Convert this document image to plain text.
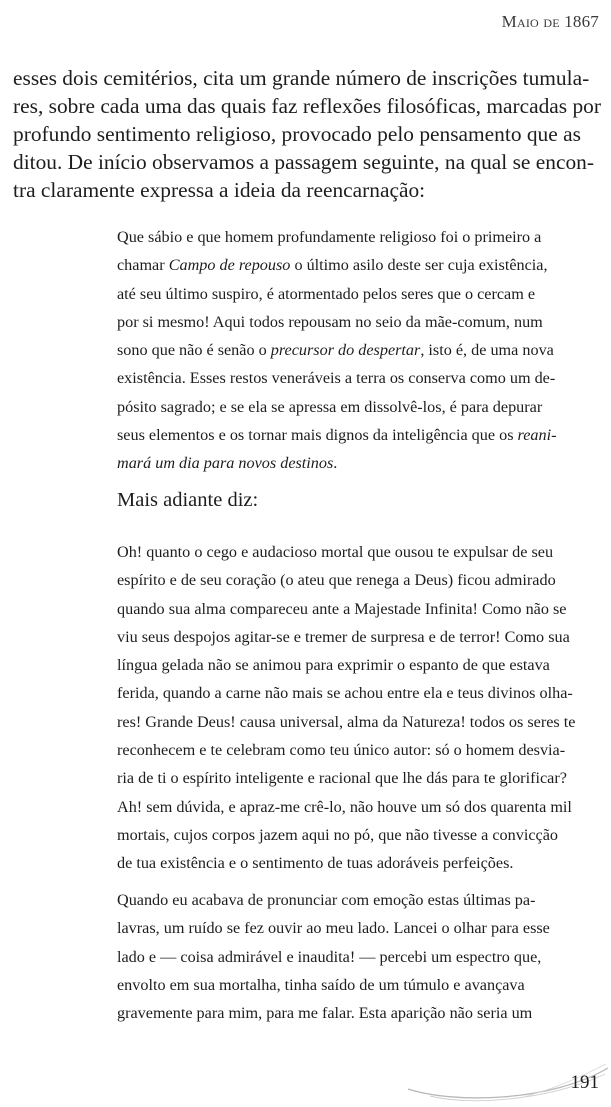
Maio de 1867

esses dois cemitérios, cita um grande número de inscrições tumula-

res, sobre cada uma das quais faz reflexões filosóficas, marcadas por

profundo sentimento religioso, provocado pelo pensamento que as

ditou. De início observamos a passagem seguinte, na qual se encon-

tra claramente expressa a ideia da reencarnação:

Que sábio e que homem profundamente religioso foi o primeiro a

chamar Campo de repouso o último asilo deste ser cuja existência,

até seu último suspiro, é atormentado pelos seres que o cercam e

por si mesmo! Aqui todos repousam no seio da mãe-comum, num

sono que não é senão o precursor do despertar, isto é, de uma nova

existência. Esses restos veneráveis a terra os conserva como um de-

pósito sagrado; e se ela se apressa em dissolvê-los, é para depurar

seus elementos e os tornar mais dignos da inteligência que os reani-

mará um dia para novos destinos.

Mais adiante diz:

Oh! quanto o cego e audacioso mortal que ousou te expulsar de seu

espírito e de seu coração (o ateu que renega a Deus) ficou admirado

quando sua alma compareceu ante a Majestade Infinita! Como não se

viu seus despojos agitar-se e tremer de surpresa e de terror! Como sua

língua gelada não se animou para exprimir o espanto de que estava

ferida, quando a carne não mais se achou entre ela e teus divinos olha-

res! Grande Deus! causa universal, alma da Natureza! todos os seres te

reconhecem e te celebram como teu único autor: só o homem desvia-

ria de ti o espírito inteligente e racional que lhe dás para te glorificar?

Ah! sem dúvida, e apraz-me crê-lo, não houve um só dos quarenta mil

mortais, cujos corpos jazem aqui no pó, que não tivesse a convicção

de tua existência e o sentimento de tuas adoráveis perfeições.

Quando eu acabava de pronunciar com emoção estas últimas pa-

lavras, um ruído se fez ouvir ao meu lado. Lancei o olhar para esse

lado e — coisa admirável e inaudita! — percebi um espectro que,

envolto em sua mortalha, tinha saído de um túmulo e avançava

gravemente para mim, para me falar. Esta aparição não seria um

191
